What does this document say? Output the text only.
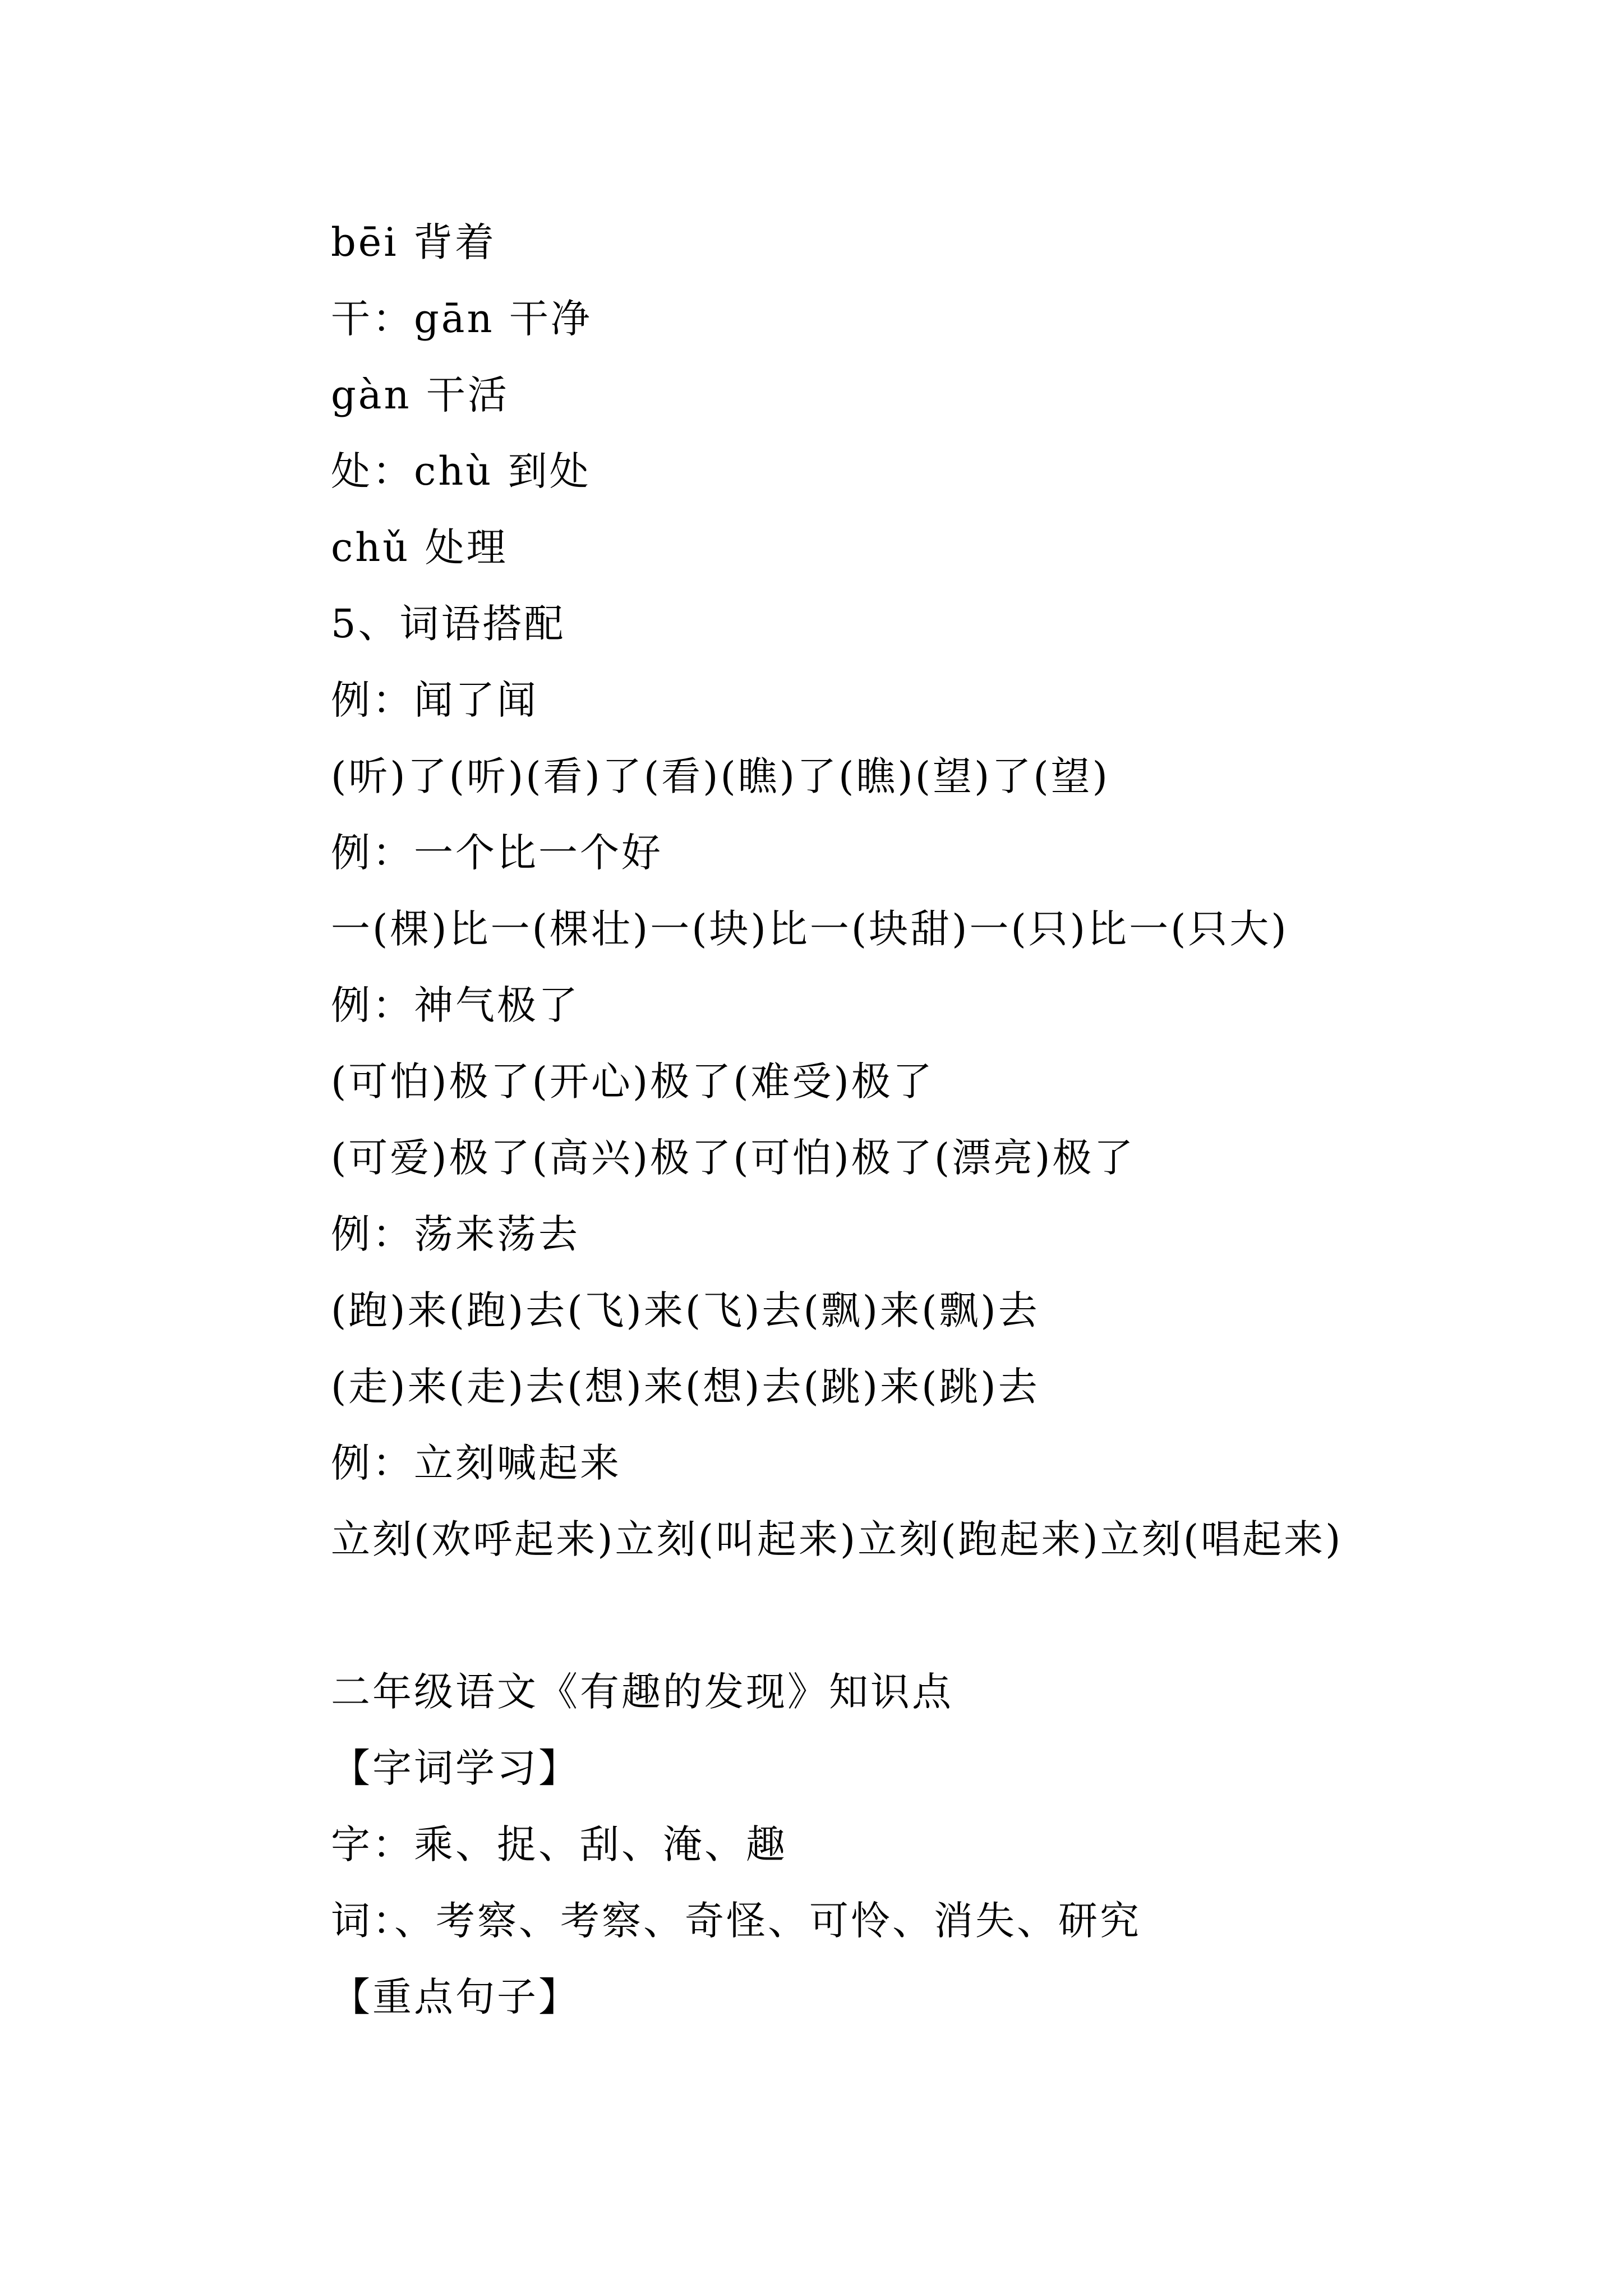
bēi 背着
干：gān 干净
gàn 干活
处：chù 到处
chǔ 处理
5、词语搭配
例：闻了闻
(听)了(听)(看)了(看)(瞧)了(瞧)(望)了(望)
例：一个比一个好
一(棵)比一(棵壮)一(块)比一(块甜)一(只)比一(只大)
例：神气极了
(可怕)极了(开心)极了(难受)极了
(可爱)极了(高兴)极了(可怕)极了(漂亮)极了
例：荡来荡去
(跑)来(跑)去(飞)来(飞)去(飘)来(飘)去
(走)来(走)去(想)来(想)去(跳)来(跳)去
例：立刻喊起来
立刻(欢呼起来)立刻(叫起来)立刻(跑起来)立刻(唱起来)
二年级语文《有趣的发现》知识点
【字词学习】
字：乘、捉、刮、淹、趣
词：、考察、考察、奇怪、可怜、消失、研究
【重点句子】
